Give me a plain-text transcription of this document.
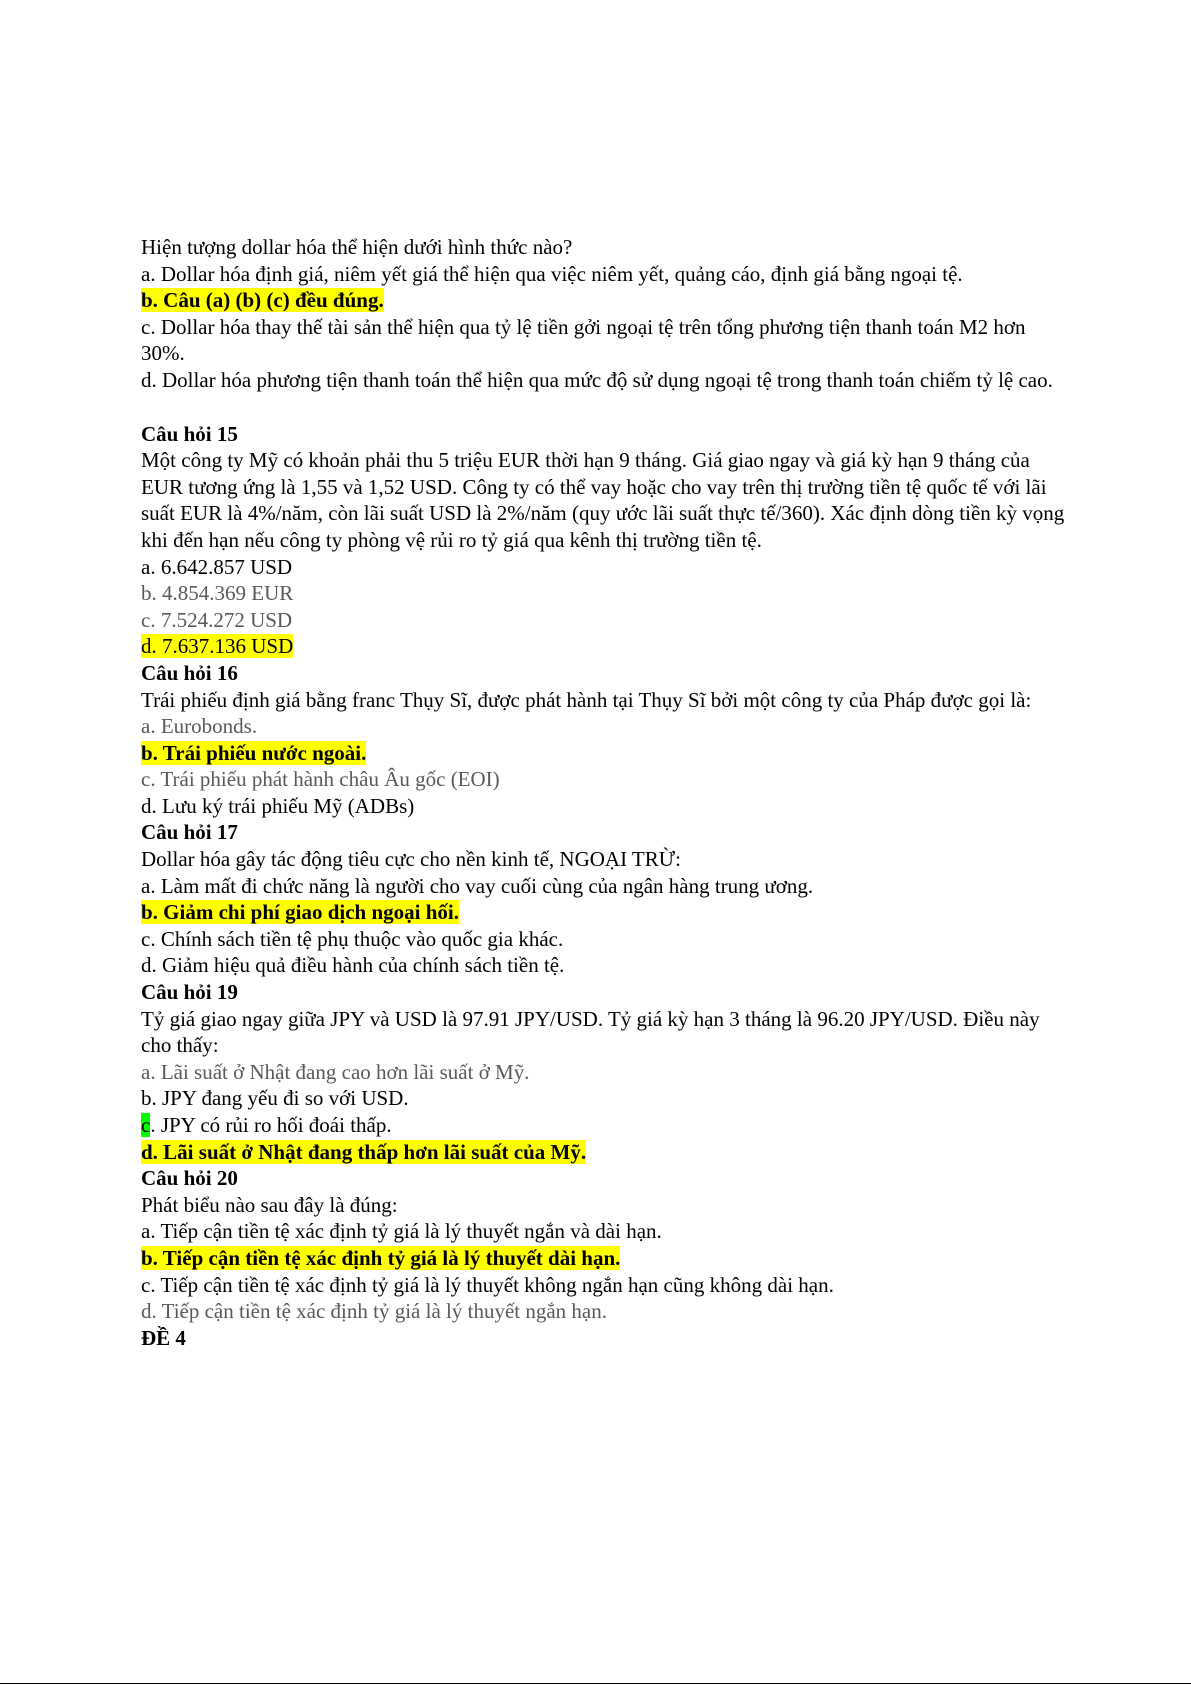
Hiện tượng dollar hóa thể hiện dưới hình thức nào?
a. Dollar hóa định giá, niêm yết giá thể hiện qua việc niêm yết, quảng cáo, định giá bằng ngoại tệ.
b. Câu (a) (b) (c) đều đúng.
c. Dollar hóa thay thế tài sản thể hiện qua tỷ lệ tiền gởi ngoại tệ trên tổng phương tiện thanh toán M2 hơn 30%.
d. Dollar hóa phương tiện thanh toán thể hiện qua mức độ sử dụng ngoại tệ trong thanh toán chiếm tỷ lệ cao.
Câu hỏi 15
Một công ty Mỹ có khoản phải thu 5 triệu EUR thời hạn 9 tháng. Giá giao ngay và giá kỳ hạn 9 tháng của EUR tương ứng là 1,55 và 1,52 USD. Công ty có thể vay hoặc cho vay trên thị trường tiền tệ quốc tế với lãi suất EUR là 4%/năm, còn lãi suất USD là 2%/năm (quy ước lãi suất thực tế/360). Xác định dòng tiền kỳ vọng khi đến hạn nếu công ty phòng vệ rủi ro tỷ giá qua kênh thị trường tiền tệ.
a. 6.642.857 USD
b. 4.854.369 EUR
c. 7.524.272 USD
d. 7.637.136 USD
Câu hỏi 16
Trái phiếu định giá bằng franc Thụy Sĩ, được phát hành tại Thụy Sĩ bởi một công ty của Pháp được gọi là:
a. Eurobonds.
b. Trái phiếu nước ngoài.
c. Trái phiếu phát hành châu Âu gốc (EOI)
d. Lưu ký trái phiếu Mỹ (ADBs)
Câu hỏi 17
Dollar hóa gây tác động tiêu cực cho nền kinh tế, NGOẠI TRỪ:
a. Làm mất đi chức năng là người cho vay cuối cùng của ngân hàng trung ương.
b. Giảm chi phí giao dịch ngoại hối.
c. Chính sách tiền tệ phụ thuộc vào quốc gia khác.
d. Giảm hiệu quả điều hành của chính sách tiền tệ.
Câu hỏi 19
Tỷ giá giao ngay giữa JPY và USD là 97.91 JPY/USD. Tỷ giá kỳ hạn 3 tháng là 96.20 JPY/USD. Điều này cho thấy:
a. Lãi suất ở Nhật đang cao hơn lãi suất ở Mỹ.
b. JPY đang yếu đi so với USD.
c. JPY có rủi ro hối đoái thấp.
d. Lãi suất ở Nhật đang thấp hơn lãi suất của Mỹ.
Câu hỏi 20
Phát biểu nào sau đây là đúng:
a. Tiếp cận tiền tệ xác định tỷ giá là lý thuyết ngắn và dài hạn.
b. Tiếp cận tiền tệ xác định tỷ giá là lý thuyết dài hạn.
c. Tiếp cận tiền tệ xác định tỷ giá là lý thuyết không ngắn hạn cũng không dài hạn.
d. Tiếp cận tiền tệ xác định tỷ giá là lý thuyết ngắn hạn.
ĐỀ 4
